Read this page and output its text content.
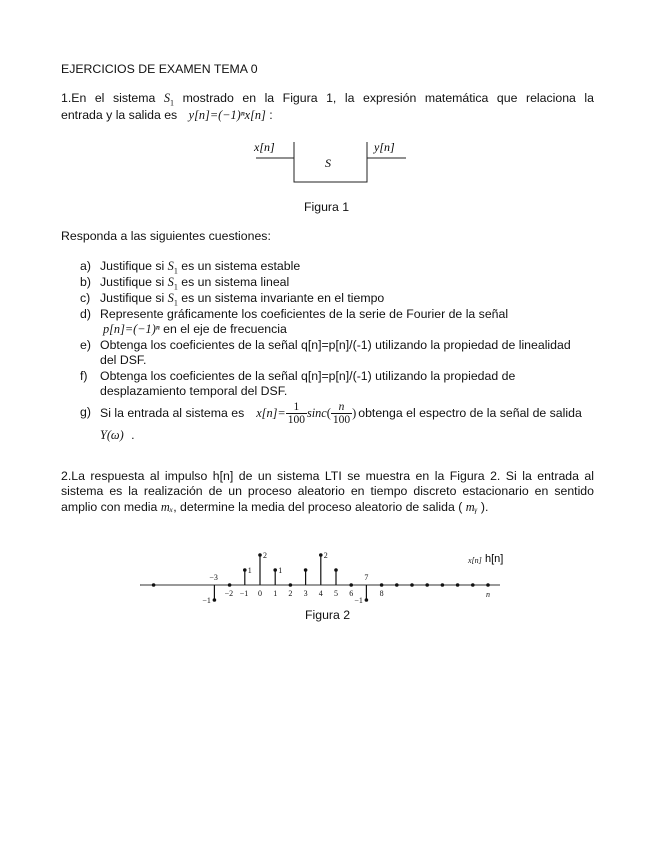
EJERCICIOS DE EXAMEN TEMA 0
1.En el sistema $S_1$ mostrado en la Figura 1, la expresión matemática que relaciona la
entrada y la salida es y[n]=(−1)ⁿx[n] :
x[n]	y[n]
S
Figura 1
Responda a las siguientes cuestiones:
a) Justifique si $S_1$ es un sistema estable
b) Justifique si $S_1$ es un sistema lineal
c) Justifique si $S_1$ es un sistema invariante en el tiempo
d) Represente gráficamente los coeficientes de la serie de Fourier de la señal
p[n]=(−1)ⁿ en el eje de frecuencia
e) Obtenga los coeficientes de la señal q[n]=p[n]/(-1) utilizando la propiedad de linealidad
del DSF.
f) Obtenga los coeficientes de la señal q[n]=p[n]/(-1) utilizando la propiedad de
desplazamiento temporal del DSF.
g) Si la entrada al sistema es $x[n]= \frac{1}{100}$ sinc ( $\frac{n}{100}$ ) obtenga el espectro de la señal de salida
Y(ω) .
2.La respuesta al impulso h[n] de un sistema LTI se muestra en la Figura 2. Si la entrada al
sistema es la realización de un proceso aleatorio en tiempo discreto estacionario en sentido
amplio con media mₓ, determine la media del proceso aleatorio de salida ( mᵧ ).
n
x[n] h[n]
−3
−2 −1 0 1 2 3 4 5 6
7
8
−1
1
2
1
2
−1
Figura 2
